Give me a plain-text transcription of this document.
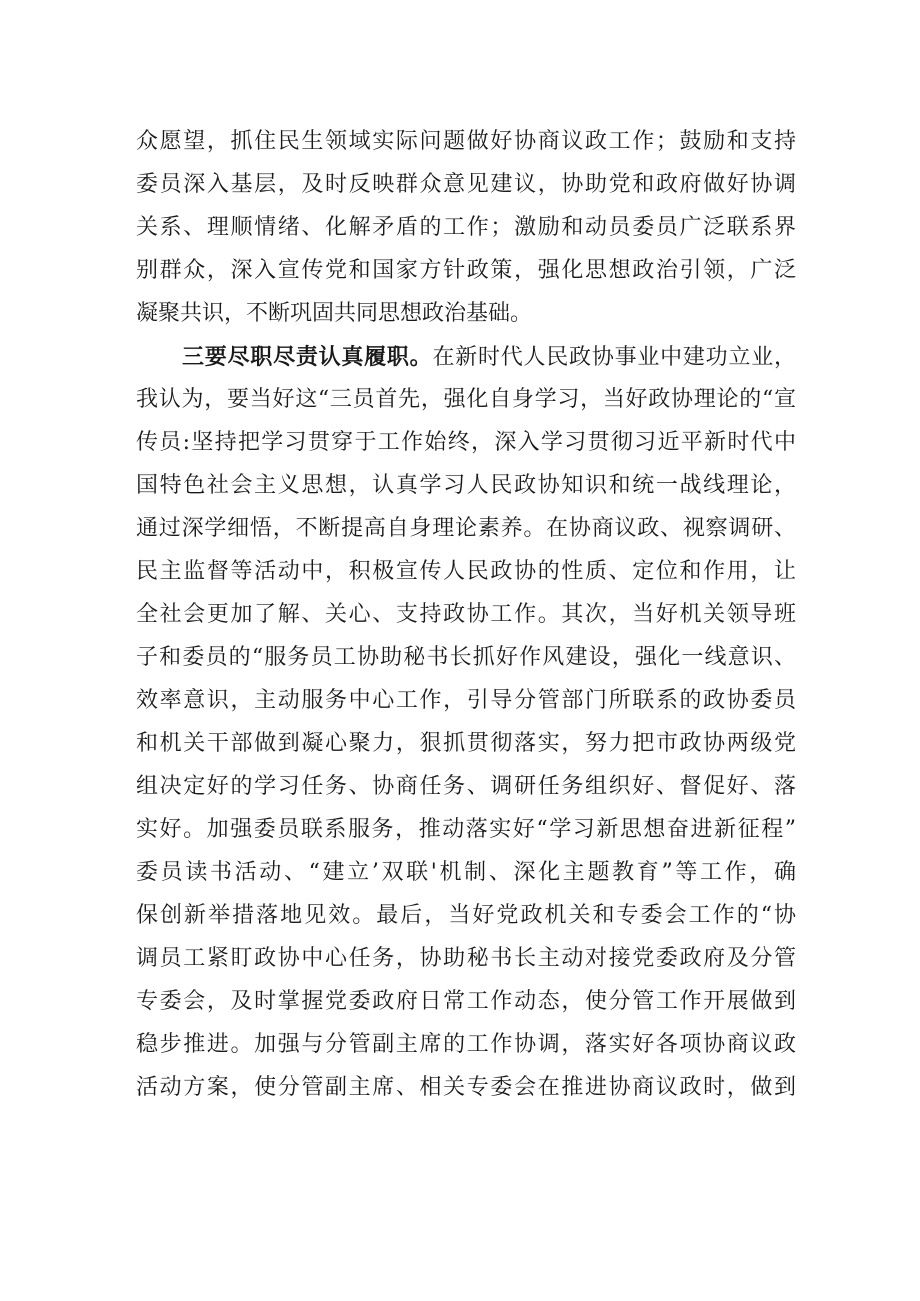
众愿望，抓住民生领域实际问题做好协商议政工作；鼓励和支持
委员深入基层，及时反映群众意见建议，协助党和政府做好协调
关系、理顺情绪、化解矛盾的工作；激励和动员委员广泛联系界
别群众，深入宣传党和国家方针政策，强化思想政治引领，广泛
凝聚共识，不断巩固共同思想政治基础。
三要尽职尽责认真履职。在新时代人民政协事业中建功立业，
我认为，要当好这“三员首先，强化自身学习，当好政协理论的“宣
传员:坚持把学习贯穿于工作始终，深入学习贯彻习近平新时代中
国特色社会主义思想，认真学习人民政协知识和统一战线理论，
通过深学细悟，不断提高自身理论素养。在协商议政、视察调研、
民主监督等活动中，积极宣传人民政协的性质、定位和作用，让
全社会更加了解、关心、支持政协工作。其次，当好机关领导班
子和委员的“服务员工协助秘书长抓好作风建设，强化一线意识、
效率意识，主动服务中心工作，引导分管部门所联系的政协委员
和机关干部做到凝心聚力，狠抓贯彻落实，努力把市政协两级党
组决定好的学习任务、协商任务、调研任务组织好、督促好、落
实好。加强委员联系服务，推动落实好“学习新思想奋进新征程”
委员读书活动、“建立’双联'机制、深化主题教育”等工作，确
保创新举措落地见效。最后，当好党政机关和专委会工作的“协
调员工紧盯政协中心任务，协助秘书长主动对接党委政府及分管
专委会，及时掌握党委政府日常工作动态，使分管工作开展做到
稳步推进。加强与分管副主席的工作协调，落实好各项协商议政
活动方案，使分管副主席、相关专委会在推进协商议政时，做到
